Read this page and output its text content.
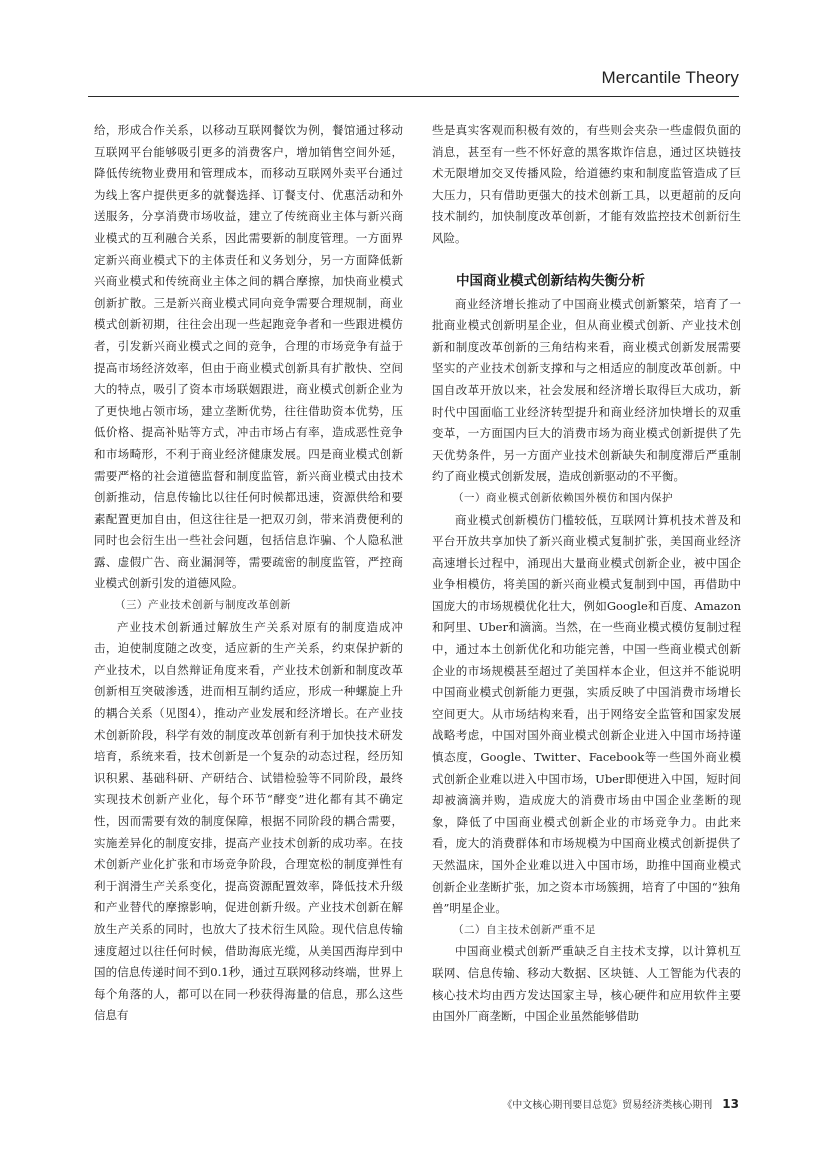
Mercantile Theory

给，形成合作关系，以移动互联网餐饮为例，餐馆通过移动互联网平台能够吸引更多的消费客户，增加销售空间外延，降低传统物业费用和管理成本，而移动互联网外卖平台通过为线上客户提供更多的就餐选择、订餐支付、优惠活动和外送服务，分享消费市场收益，建立了传统商业主体与新兴商业模式的互利融合关系，因此需要新的制度管理。一方面界定新兴商业模式下的主体责任和义务划分，另一方面降低新兴商业模式和传统商业主体之间的耦合摩擦，加快商业模式创新扩散。三是新兴商业模式同向竞争需要合理规制，商业模式创新初期，往往会出现一些起跑竞争者和一些跟进模仿者，引发新兴商业模式之间的竞争，合理的市场竞争有益于提高市场经济效率，但由于商业模式创新具有扩散快、空间大的特点，吸引了资本市场联姻跟进，商业模式创新企业为了更快地占领市场，建立垄断优势，往往借助资本优势，压低价格、提高补贴等方式，冲击市场占有率，造成恶性竞争和市场畸形，不利于商业经济健康发展。四是商业模式创新需要严格的社会道德监督和制度监管，新兴商业模式由技术创新推动，信息传输比以往任何时候都迅速，资源供给和要素配置更加自由，但这往往是一把双刃剑，带来消费便利的同时也会衍生出一些社会问题，包括信息诈骗、个人隐私泄露、虚假广告、商业漏洞等，需要疏密的制度监管，严控商业模式创新引发的道德风险。

（三）产业技术创新与制度改革创新

产业技术创新通过解放生产关系对原有的制度造成冲击，迫使制度随之改变，适应新的生产关系，约束保护新的产业技术，以自然辩证角度来看，产业技术创新和制度改革创新相互突破渗透，进而相互制约适应，形成一种螺旋上升的耦合关系（见图4），推动产业发展和经济增长。在产业技术创新阶段，科学有效的制度改革创新有利于加快技术研发培育，系统来看，技术创新是一个复杂的动态过程，经历知识积累、基础科研、产研结合、试错检验等不同阶段，最终实现技术创新产业化，每个环节“酵变”进化都有其不确定性，因而需要有效的制度保障，根据不同阶段的耦合需要，实施差异化的制度安排，提高产业技术创新的成功率。在技术创新产业化扩张和市场竞争阶段，合理宽松的制度弹性有利于润滑生产关系变化，提高资源配置效率，降低技术升级和产业替代的摩擦影响，促进创新升级。产业技术创新在解放生产关系的同时，也放大了技术衍生风险。现代信息传输速度超过以往任何时候，借助海底光缆，从美国西海岸到中国的信息传递时间不到0.1秒，通过互联网移动终端，世界上每个角落的人，都可以在同一秒获得海量的信息，那么这些信息有

些是真实客观而积极有效的，有些则会夹杂一些虚假负面的消息，甚至有一些不怀好意的黑客欺诈信息，通过区块链技术无限增加交叉传播风险，给道德约束和制度监管造成了巨大压力，只有借助更强大的技术创新工具，以更超前的反向技术制约，加快制度改革创新，才能有效监控技术创新衍生风险。

中国商业模式创新结构失衡分析

商业经济增长推动了中国商业模式创新繁荣，培育了一批商业模式创新明星企业，但从商业模式创新、产业技术创新和制度改革创新的三角结构来看，商业模式创新发展需要坚实的产业技术创新支撑和与之相适应的制度改革创新。中国自改革开放以来，社会发展和经济增长取得巨大成功，新时代中国面临工业经济转型提升和商业经济加快增长的双重变革，一方面国内巨大的消费市场为商业模式创新提供了先天优势条件，另一方面产业技术创新缺失和制度滞后严重制约了商业模式创新发展，造成创新驱动的不平衡。

（一）商业模式创新依赖国外模仿和国内保护

商业模式创新模仿门槛较低，互联网计算机技术普及和平台开放共享加快了新兴商业模式复制扩张，美国商业经济高速增长过程中，涌现出大量商业模式创新企业，被中国企业争相模仿，将美国的新兴商业模式复制到中国，再借助中国庞大的市场规模优化壮大，例如Google和百度、Amazon和阿里、Uber和滴滴。当然，在一些商业模式模仿复制过程中，通过本土创新优化和功能完善，中国一些商业模式创新企业的市场规模甚至超过了美国样本企业，但这并不能说明中国商业模式创新能力更强，实质反映了中国消费市场增长空间更大。从市场结构来看，出于网络安全监管和国家发展战略考虑，中国对国外商业模式创新企业进入中国市场持谨慎态度，Google、Twitter、Facebook等一些国外商业模式创新企业难以进入中国市场，Uber即便进入中国，短时间却被滴滴并购，造成庞大的消费市场由中国企业垄断的现象，降低了中国商业模式创新企业的市场竞争力。由此来看，庞大的消费群体和市场规模为中国商业模式创新提供了天然温床，国外企业难以进入中国市场，助推中国商业模式创新企业垄断扩张，加之资本市场簇拥，培育了中国的“独角兽”明星企业。

（二）自主技术创新严重不足

中国商业模式创新严重缺乏自主技术支撑，以计算机互联网、信息传输、移动大数据、区块链、人工智能为代表的核心技术均由西方发达国家主导，核心硬件和应用软件主要由国外厂商垄断，中国企业虽然能够借助

《中文核心期刊要目总览》贸易经济类核心期刊 13
